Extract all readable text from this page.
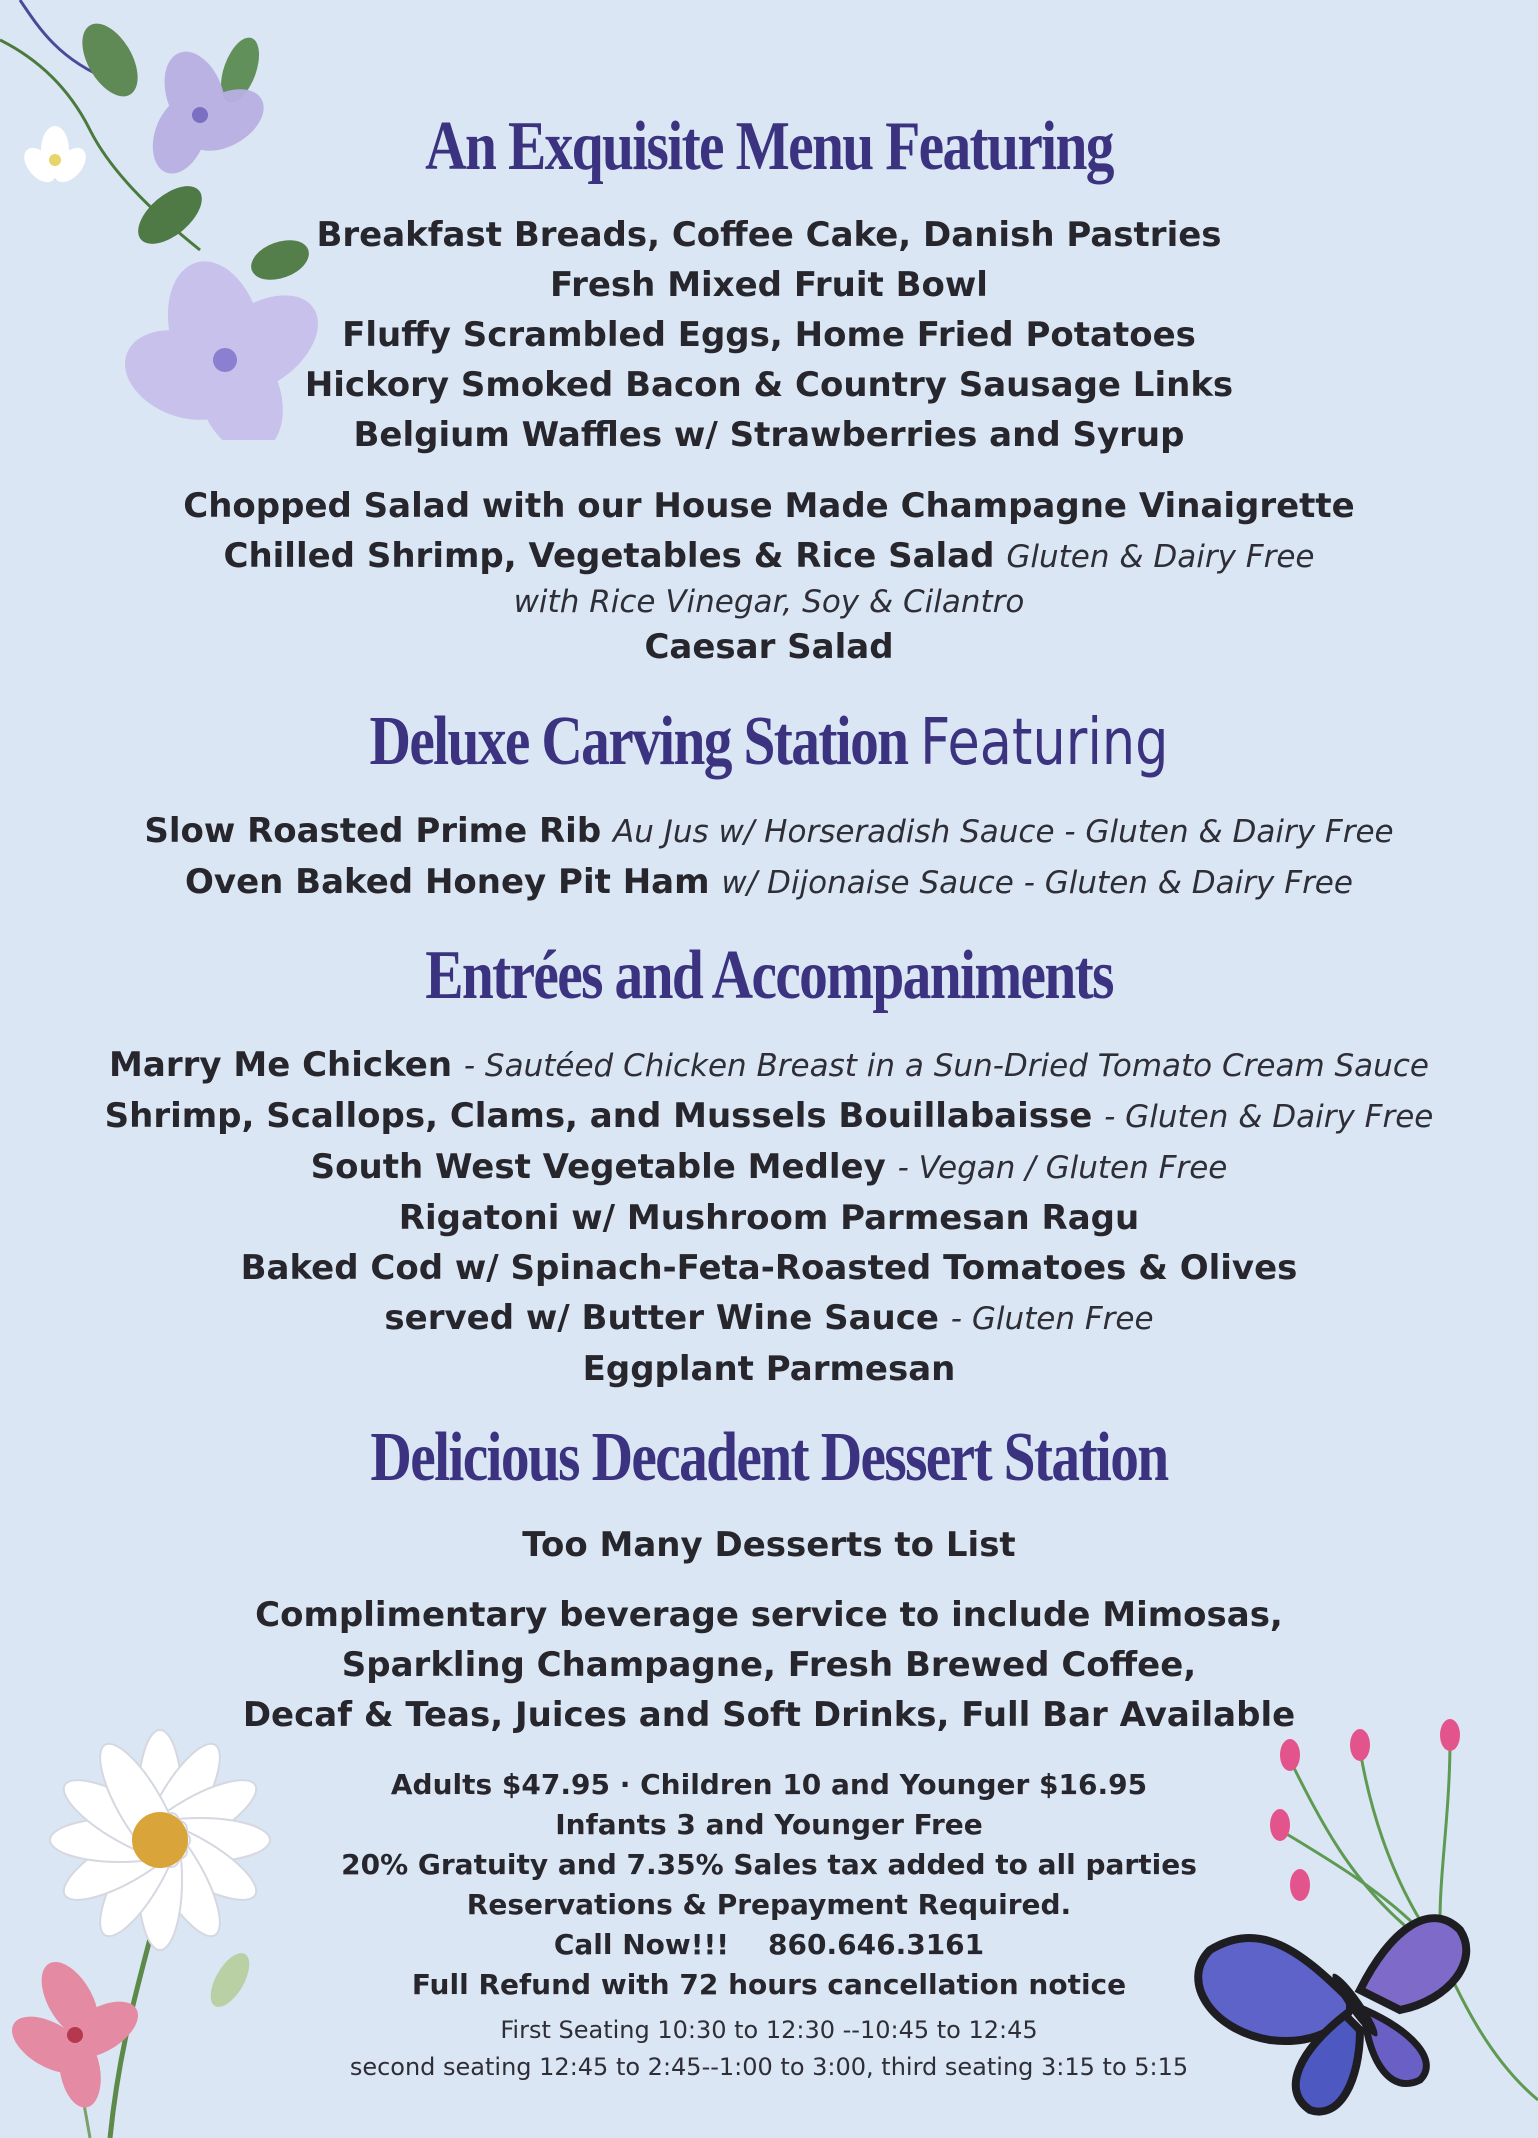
An Exquisite Menu Featuring
Breakfast Breads, Coffee Cake, Danish Pastries
Fresh Mixed Fruit Bowl
Fluffy Scrambled Eggs, Home Fried Potatoes
Hickory Smoked Bacon & Country Sausage Links
Belgium Waffles w/ Strawberries and Syrup
Chopped Salad with our House Made Champagne Vinaigrette
Chilled Shrimp, Vegetables & Rice Salad Gluten & Dairy Free
with Rice Vinegar, Soy & Cilantro
Caesar Salad
Deluxe Carving Station Featuring
Slow Roasted Prime Rib Au Jus w/ Horseradish Sauce - Gluten & Dairy Free
Oven Baked Honey Pit Ham w/ Dijonaise Sauce - Gluten & Dairy Free
Entrées and Accompaniments
Marry Me Chicken - Sautéed Chicken Breast in a Sun-Dried Tomato Cream Sauce
Shrimp, Scallops, Clams, and Mussels Bouillabaisse - Gluten & Dairy Free
South West Vegetable Medley - Vegan / Gluten Free
Rigatoni w/ Mushroom Parmesan Ragu
Baked Cod w/ Spinach-Feta-Roasted Tomatoes & Olives
served w/ Butter Wine Sauce - Gluten Free
Eggplant Parmesan
Delicious Decadent Dessert Station
Too Many Desserts to List
Complimentary beverage service to include Mimosas,
Sparkling Champagne, Fresh Brewed Coffee,
Decaf & Teas, Juices and Soft Drinks, Full Bar Available
Adults $47.95 · Children 10 and Younger $16.95
Infants 3 and Younger Free
20% Gratuity and 7.35% Sales tax added to all parties
Reservations & Prepayment Required.
Call Now!!!    860.646.3161
Full Refund with 72 hours cancellation notice
First Seating 10:30 to 12:30 --10:45 to 12:45
second seating 12:45 to 2:45--1:00 to 3:00, third seating 3:15 to 5:15
